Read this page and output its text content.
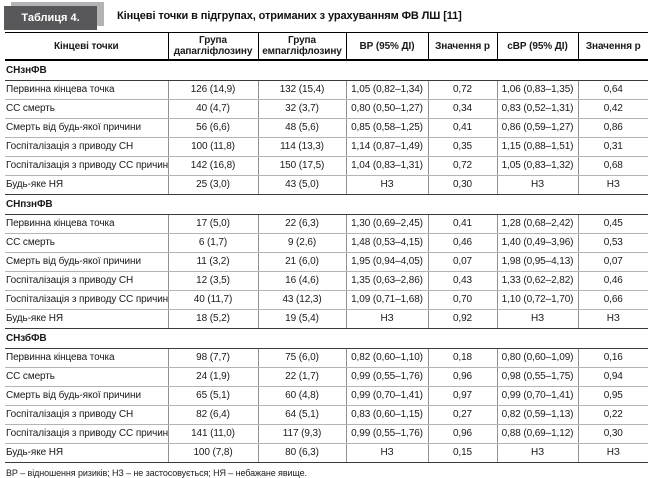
Таблиця 4.	Кінцеві точки в підгрупах, отриманих з урахуванням ФВ ЛШ [11]
Кінцеві точки	Група дапагліфлозину	Група емпагліфлозину	ВР (95% ДІ)	Значення р	сВР (95% ДІ)	Значення р
СНзнФВ						
Первинна кінцева точка	126 (14,9)	132 (15,4)	1,05 (0,82–1,34)	0,72	1,06 (0,83–1,35)	0,64
СС смерть	40 (4,7)	32 (3,7)	0,80 (0,50–1,27)	0,34	0,83 (0,52–1,31)	0,42
Смерть від будь-якої причини	56 (6,6)	48 (5,6)	0,85 (0,58–1,25)	0,41	0,86 (0,59–1,27)	0,86
Госпіталізація з приводу СН	100 (11,8)	114 (13,3)	1,14 (0,87–1,49)	0,35	1,15 (0,88–1,51)	0,31
Госпіталізація з приводу СС причин	142 (16,8)	150 (17,5)	1,04 (0,83–1,31)	0,72	1,05 (0,83–1,32)	0,68
Будь-яке НЯ	25 (3,0)	43 (5,0)	НЗ	0,30	НЗ	НЗ
СНпзнФВ						
Первинна кінцева точка	17 (5,0)	22 (6,3)	1,30 (0,69–2,45)	0,41	1,28 (0,68–2,42)	0,45
СС смерть	6 (1,7)	9 (2,6)	1,48 (0,53–4,15)	0,46	1,40 (0,49–3,96)	0,53
Смерть від будь-якої причини	11 (3,2)	21 (6,0)	1,95 (0,94–4,05)	0,07	1,98 (0,95–4,13)	0,07
Госпіталізація з приводу СН	12 (3,5)	16 (4,6)	1,35 (0,63–2,86)	0,43	1,33 (0,62–2,82)	0,46
Госпіталізація з приводу СС причин	40 (11,7)	43 (12,3)	1,09 (0,71–1,68)	0,70	1,10 (0,72–1,70)	0,66
Будь-яке НЯ	18 (5,2)	19 (5,4)	НЗ	0,92	НЗ	НЗ
СНзбФВ						
Первинна кінцева точка	98 (7,7)	75 (6,0)	0,82 (0,60–1,10)	0,18	0,80 (0,60–1,09)	0,16
СС смерть	24 (1,9)	22 (1,7)	0,99 (0,55–1,76)	0,96	0,98 (0,55–1,75)	0,94
Смерть від будь-якої причини	65 (5,1)	60 (4,8)	0,99 (0,70–1,41)	0,97	0,99 (0,70–1,41)	0,95
Госпіталізація з приводу СН	82 (6,4)	64 (5,1)	0,83 (0,60–1,15)	0,27	0,82 (0,59–1,13)	0,22
Госпіталізація з приводу СС причин	141 (11,0)	117 (9,3)	0,99 (0,55–1,76)	0,96	0,88 (0,69–1,12)	0,30
Будь-яке НЯ	100 (7,8)	80 (6,3)	НЗ	0,15	НЗ	НЗ
ВР – відношення ризиків; НЗ – не застосовується; НЯ – небажане явище.
